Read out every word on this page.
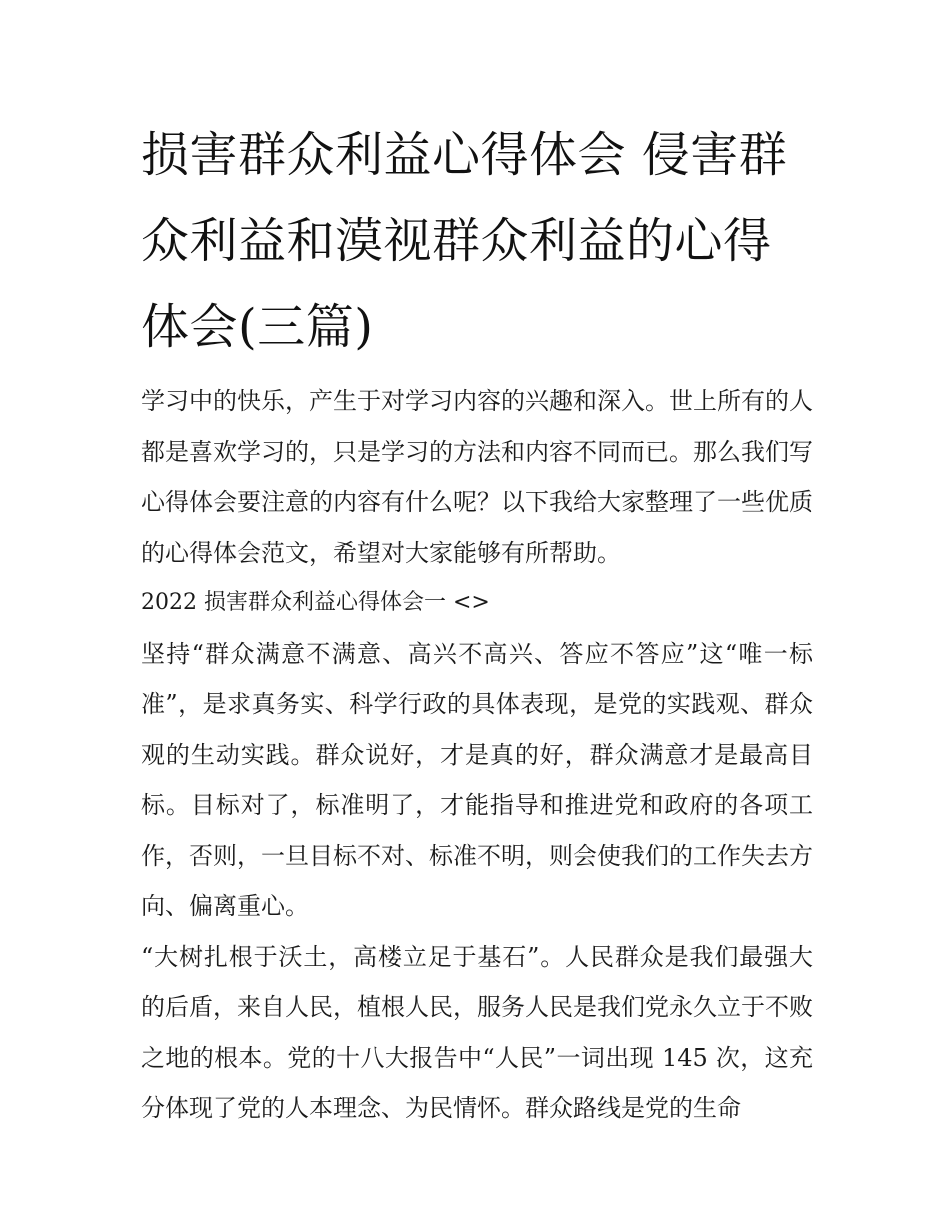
损害群众利益心得体会 侵害群众利益和漠视群众利益的心得体会(三篇)

学习中的快乐，产生于对学习内容的兴趣和深入。世上所有的人都是喜欢学习的，只是学习的方法和内容不同而已。那么我们写心得体会要注意的内容有什么呢？以下我给大家整理了一些优质的心得体会范文，希望对大家能够有所帮助。

2022 损害群众利益心得体会一 <>

坚持“群众满意不满意、高兴不高兴、答应不答应”这“唯一标准”，是求真务实、科学行政的具体表现，是党的实践观、群众观的生动实践。群众说好，才是真的好，群众满意才是最高目标。目标对了，标准明了，才能指导和推进党和政府的各项工作，否则，一旦目标不对、标准不明，则会使我们的工作失去方向、偏离重心。

“大树扎根于沃土，高楼立足于基石”。人民群众是我们最强大的后盾，来自人民，植根人民，服务人民是我们党永久立于不败之地的根本。党的十八大报告中“人民”一词出现 145 次，这充分体现了党的人本理念、为民情怀。群众路线是党的生命
